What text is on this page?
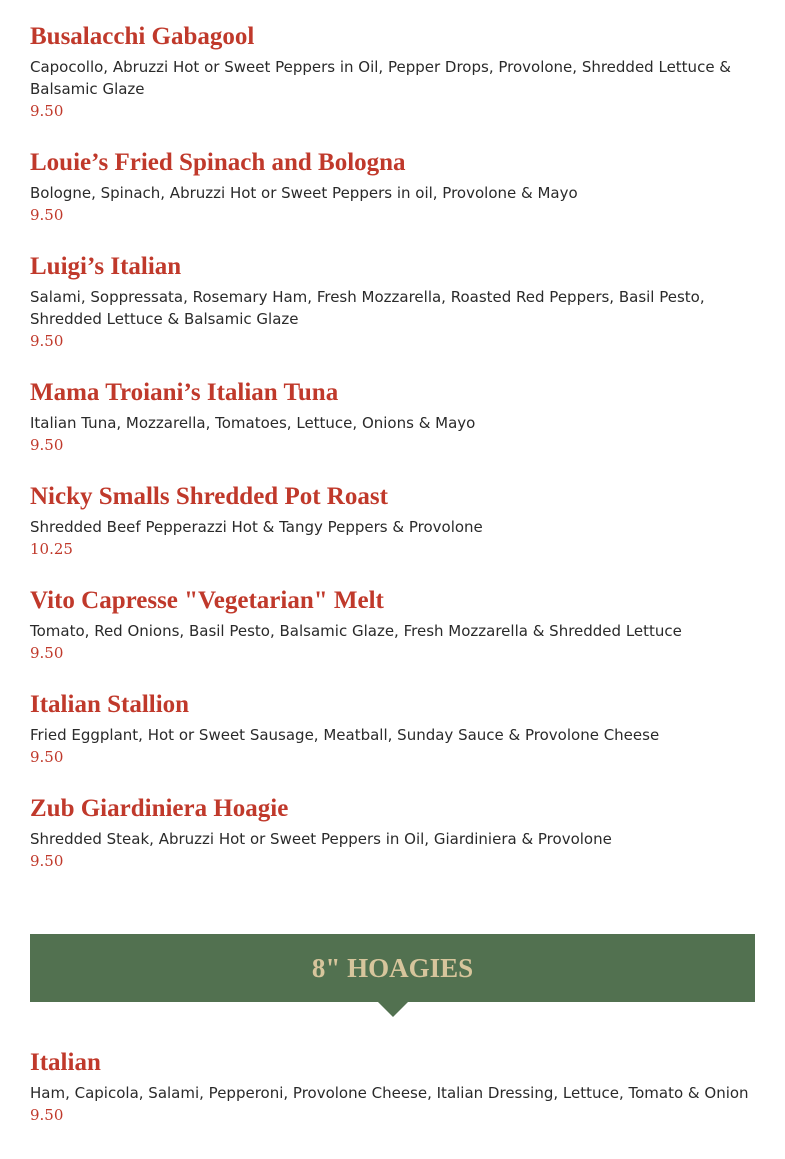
Busalacchi Gabagool
Capocollo, Abruzzi Hot or Sweet Peppers in Oil, Pepper Drops, Provolone, Shredded Lettuce & Balsamic Glaze
9.50
Louie’s Fried Spinach and Bologna
Bologne, Spinach, Abruzzi Hot or Sweet Peppers in oil, Provolone & Mayo
9.50
Luigi’s Italian
Salami, Soppressata, Rosemary Ham, Fresh Mozzarella, Roasted Red Peppers, Basil Pesto, Shredded Lettuce & Balsamic Glaze
9.50
Mama Troiani’s Italian Tuna
Italian Tuna, Mozzarella, Tomatoes, Lettuce, Onions & Mayo
9.50
Nicky Smalls Shredded Pot Roast
Shredded Beef Pepperazzi Hot & Tangy Peppers & Provolone
10.25
Vito Capresse "Vegetarian" Melt
Tomato, Red Onions, Basil Pesto, Balsamic Glaze, Fresh Mozzarella & Shredded Lettuce
9.50
Italian Stallion
Fried Eggplant, Hot or Sweet Sausage, Meatball, Sunday Sauce & Provolone Cheese
9.50
Zub Giardiniera Hoagie
Shredded Steak, Abruzzi Hot or Sweet Peppers in Oil, Giardiniera & Provolone
9.50
8" HOAGIES
Italian
Ham, Capicola, Salami, Pepperoni, Provolone Cheese, Italian Dressing, Lettuce, Tomato & Onion
9.50
